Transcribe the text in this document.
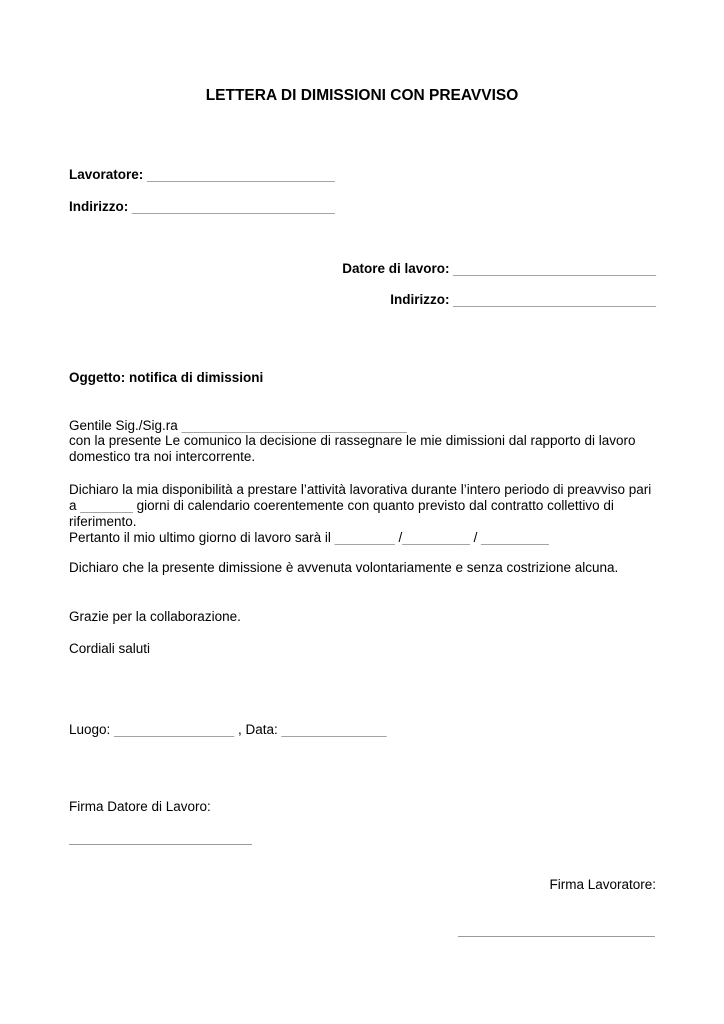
LETTERA DI DIMISSIONI CON PREAVVISO
Lavoratore: _________________________
Indirizzo: ___________________________
Datore di lavoro: ___________________________
Indirizzo: ___________________________
Oggetto: notifica di dimissioni
Gentile Sig./Sig.ra ______________________________
con la presente Le comunico la decisione di rassegnare le mie dimissioni dal rapporto di lavoro domestico tra noi intercorrente.
Dichiaro la mia disponibilità a prestare l’attività lavorativa durante l’intero periodo di preavviso pari a _______ giorni di calendario coerentemente con quanto previsto dal contratto collettivo di riferimento.
Pertanto il mio ultimo giorno di lavoro sarà il ________ /_________ / _________
Dichiaro che la presente dimissione è avvenuta volontariamente e senza costrizione alcuna.
Grazie per la collaborazione.
Cordiali saluti
Luogo: ________________ , Data: ______________
Firma Datore di Lavoro:
Firma Lavoratore:
